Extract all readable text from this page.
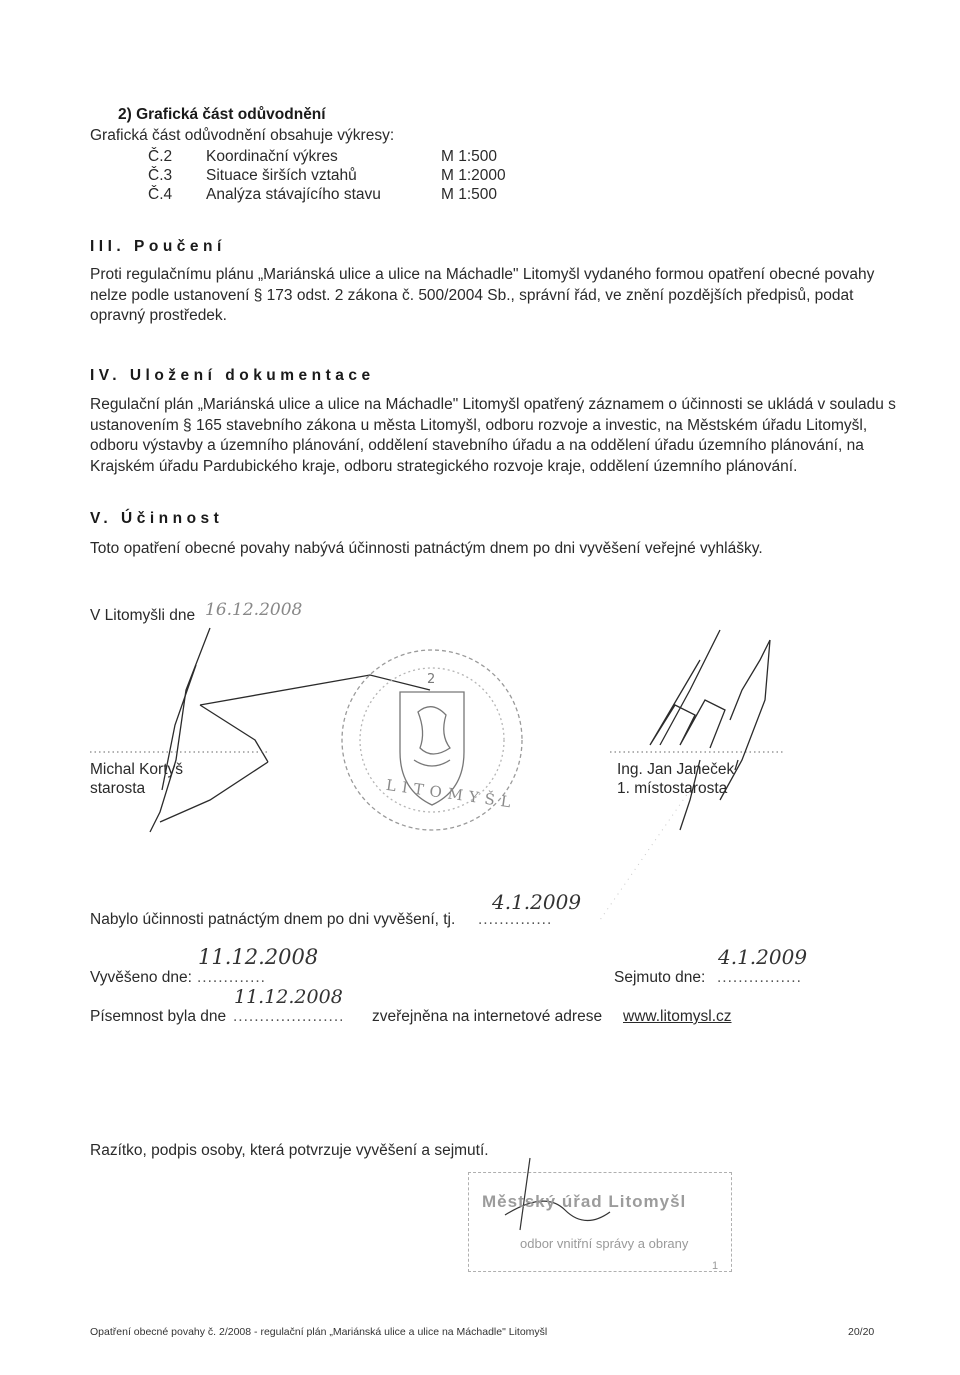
2) Grafická část odůvodnění
Grafická část odůvodnění obsahuje výkresy:
Č.2 Koordinační výkres	M 1:500
Č.3 Situace širších vztahů	M 1:2000
Č.4 Analýza stávajícího stavu	M 1:500
III. Poučení
Proti regulačnímu plánu „Mariánská ulice a ulice na Máchadle" Litomyšl vydaného formou opatření obecné povahy nelze podle ustanovení § 173 odst. 2 zákona č. 500/2004 Sb., správní řád, ve znění pozdějších předpisů, podat opravný prostředek.
IV. Uložení dokumentace
Regulační plán „Mariánská ulice a ulice na Máchadle" Litomyšl opatřený záznamem o účinnosti se ukládá v souladu s ustanovením § 165 stavebního zákona u města Litomyšl, odboru rozvoje a investic, na Městském úřadu Litomyšl, odboru výstavby a územního plánování, oddělení stavebního úřadu a na oddělení úřadu územního plánování, na Krajském úřadu Pardubického kraje, odboru strategického rozvoje kraje, oddělení územního plánování.
V. Účinnost
Toto opatření obecné povahy nabývá účinnosti patnáctým dnem po dni vyvěšení veřejné vyhlášky.
V Litomyšli dne 16.12.2008
2
LITOMYŠL
Michal Kortyš
starosta
Ing. Jan Janeček
1. místostarosta
Nabylo účinnosti patnáctým dnem po dni vyvěšení, tj. ..............
4.1.2009
Vyvěšeno dne: .............
11.12.2008
Sejmuto dne: ................
4.1.2009
Písemnost byla dne .....................
11.12.2008
zveřejněna na internetové adrese www.litomysl.cz
Razítko, podpis osoby, která potvrzuje vyvěšení a sejmutí.
Městský úřad Litomyšl
odbor vnitřní správy a obrany
1
Opatření obecné povahy č. 2/2008 - regulační plán „Mariánská ulice a ulice na Máchadle" Litomyšl	20/20
